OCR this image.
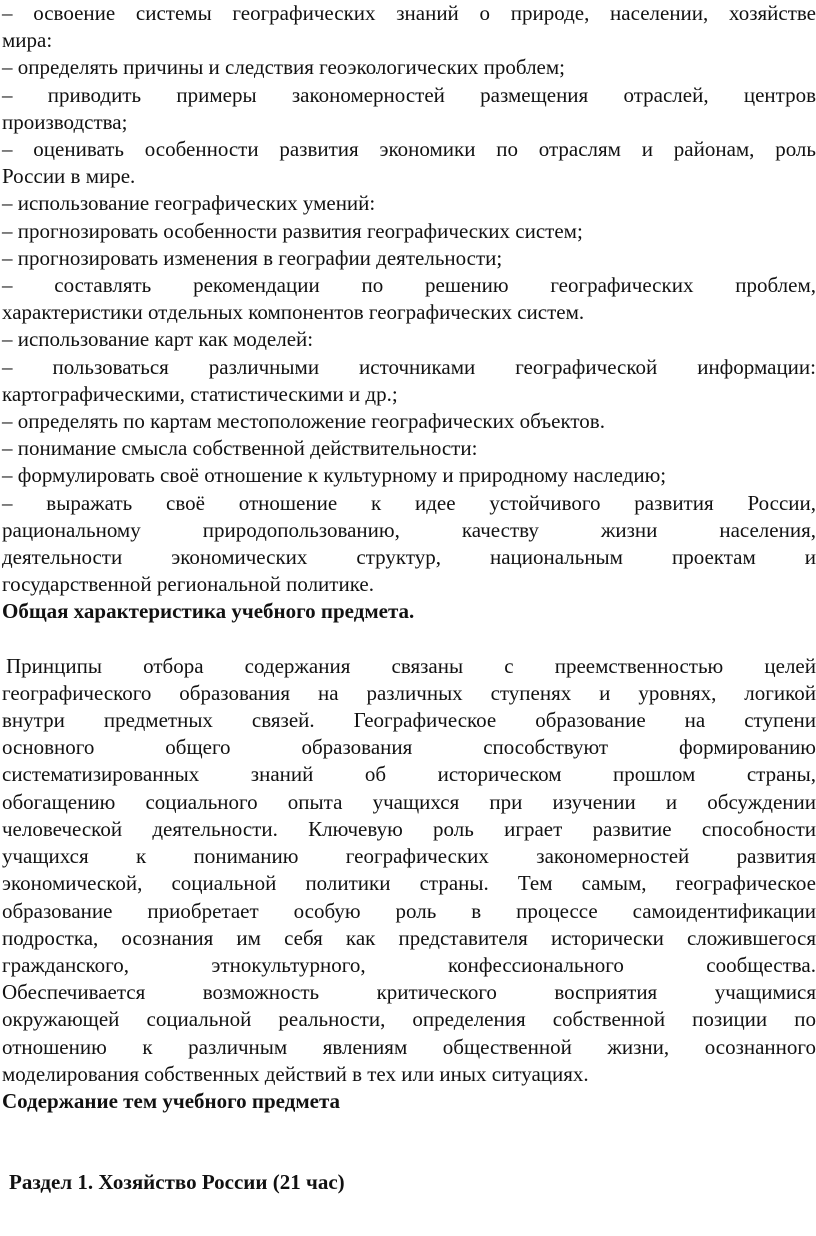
– освоение системы географических знаний о природе, населении, хозяйстве

мира:

– определять причины и следствия геоэкологических проблем;

– приводить примеры закономерностей размещения отраслей, центров

производства;

– оценивать особенности развития экономики по отраслям и районам, роль

России в мире.

– использование географических умений:

– прогнозировать особенности развития географических систем;

– прогнозировать изменения в географии деятельности;

– составлять рекомендации по решению географических проблем,

характеристики отдельных компонентов географических систем.

– использование карт как моделей:

– пользоваться различными источниками географической информации:

картографическими, статистическими и др.;

– определять по картам местоположение географических объектов.

– понимание смысла собственной действительности:

– формулировать своё отношение к культурному и природному наследию;

– выражать своё отношение к идее устойчивого развития России,

рациональному природопользованию, качеству жизни населения,

деятельности экономических структур, национальным проектам и

государственной региональной политике.

Общая характеристика учебного предмета.

Принципы отбора содержания связаны с преемственностью целей

географического образования на различных ступенях и уровнях, логикой

внутри предметных связей. Географическое образование на ступени

основного общего образования способствуют формированию

систематизированных знаний об историческом прошлом страны,

обогащению социального опыта учащихся при изучении и обсуждении

человеческой деятельности. Ключевую роль играет развитие способности

учащихся к пониманию географических закономерностей развития

экономической, социальной политики страны. Тем самым, географическое

образование приобретает особую роль в процессе самоидентификации

подростка, осознания им себя как представителя исторически сложившегося

гражданского, этнокультурного, конфессионального сообщества.

Обеспечивается возможность критического восприятия учащимися

окружающей социальной реальности, определения собственной позиции по

отношению к различным явлениям общественной жизни, осознанного

моделирования собственных действий в тех или иных ситуациях.

Содержание тем учебного предмета

Раздел 1. Хозяйство России (21 час)
